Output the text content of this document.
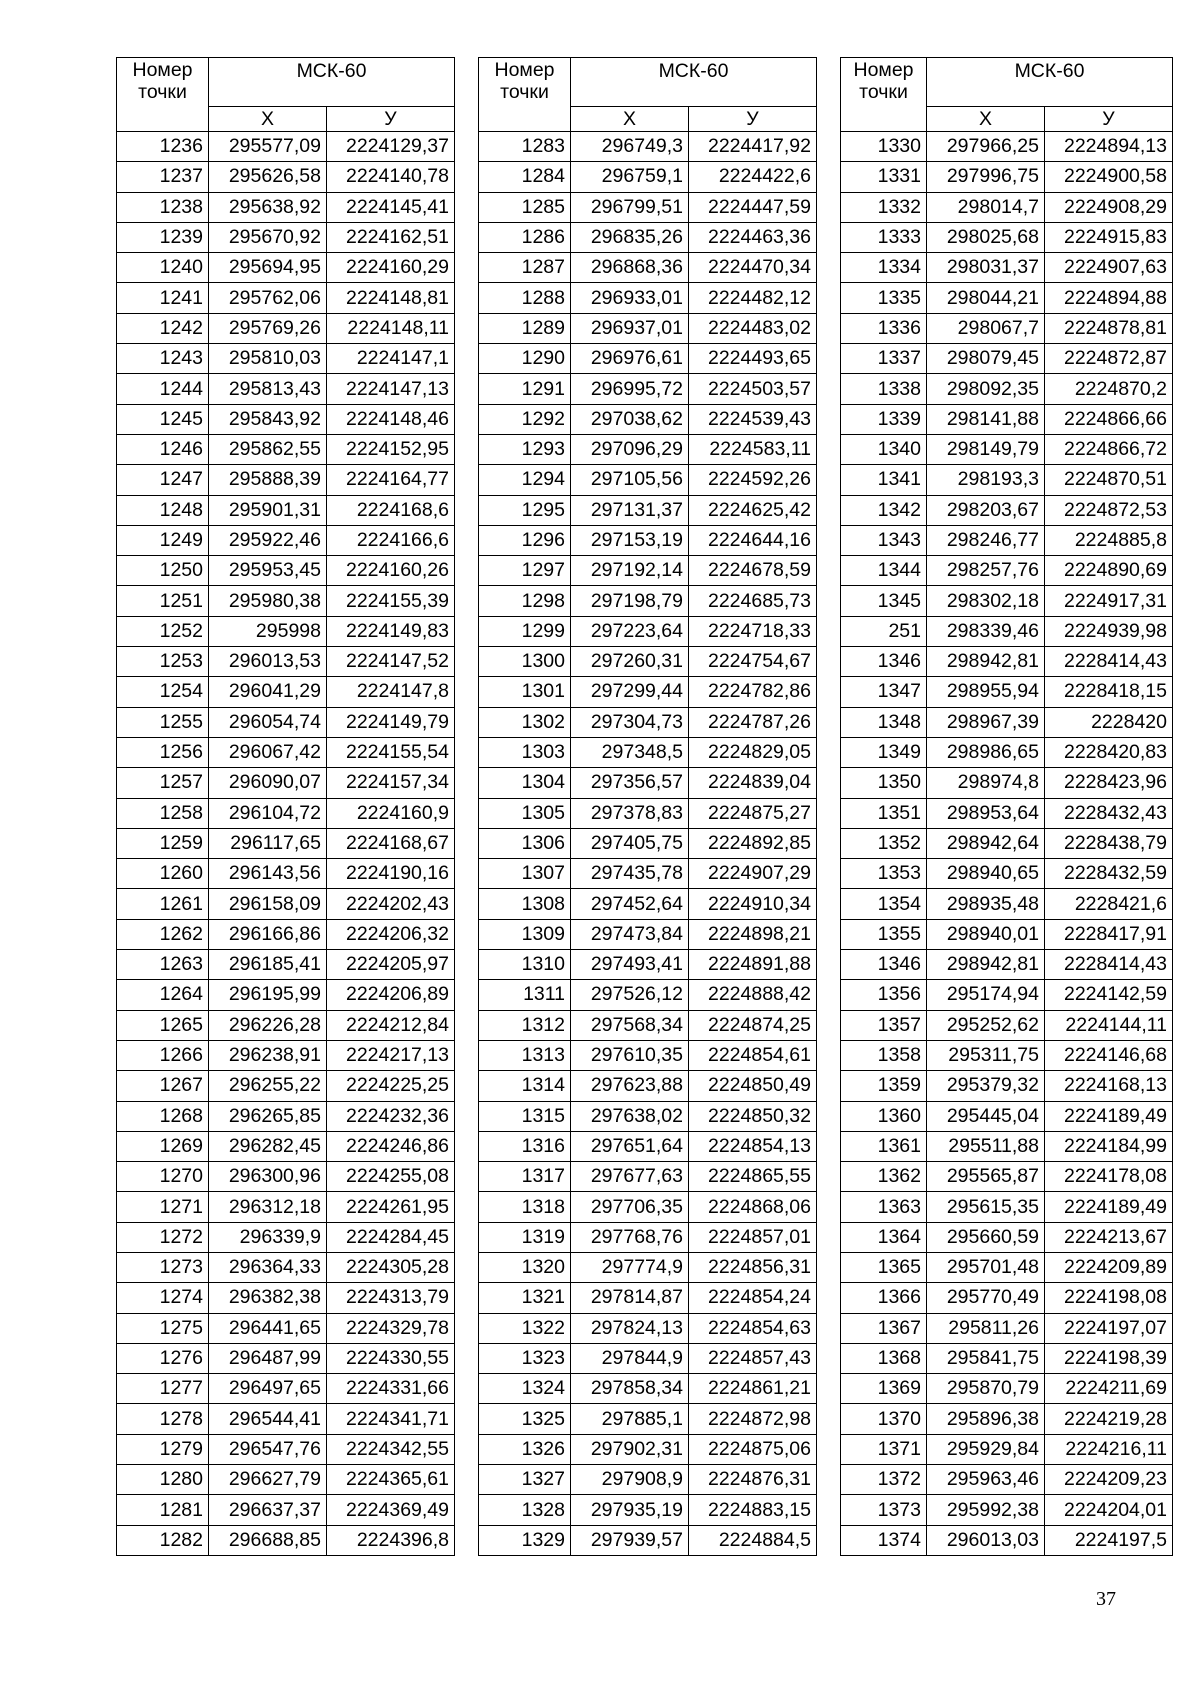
Номер
точки	МСК-60	
	Х	У
1236	295577,09	2224129,37
1237	295626,58	2224140,78
1238	295638,92	2224145,41
1239	295670,92	2224162,51
1240	295694,95	2224160,29
1241	295762,06	2224148,81
1242	295769,26	2224148,11
1243	295810,03	2224147,1
1244	295813,43	2224147,13
1245	295843,92	2224148,46
1246	295862,55	2224152,95
1247	295888,39	2224164,77
1248	295901,31	2224168,6
1249	295922,46	2224166,6
1250	295953,45	2224160,26
1251	295980,38	2224155,39
1252	295998	2224149,83
1253	296013,53	2224147,52
1254	296041,29	2224147,8
1255	296054,74	2224149,79
1256	296067,42	2224155,54
1257	296090,07	2224157,34
1258	296104,72	2224160,9
1259	296117,65	2224168,67
1260	296143,56	2224190,16
1261	296158,09	2224202,43
1262	296166,86	2224206,32
1263	296185,41	2224205,97
1264	296195,99	2224206,89
1265	296226,28	2224212,84
1266	296238,91	2224217,13
1267	296255,22	2224225,25
1268	296265,85	2224232,36
1269	296282,45	2224246,86
1270	296300,96	2224255,08
1271	296312,18	2224261,95
1272	296339,9	2224284,45
1273	296364,33	2224305,28
1274	296382,38	2224313,79
1275	296441,65	2224329,78
1276	296487,99	2224330,55
1277	296497,65	2224331,66
1278	296544,41	2224341,71
1279	296547,76	2224342,55
1280	296627,79	2224365,61
1281	296637,37	2224369,49
1282	296688,85	2224396,8
Номер
точки	МСК-60	
	Х	У
1283	296749,3	2224417,92
1284	296759,1	2224422,6
1285	296799,51	2224447,59
1286	296835,26	2224463,36
1287	296868,36	2224470,34
1288	296933,01	2224482,12
1289	296937,01	2224483,02
1290	296976,61	2224493,65
1291	296995,72	2224503,57
1292	297038,62	2224539,43
1293	297096,29	2224583,11
1294	297105,56	2224592,26
1295	297131,37	2224625,42
1296	297153,19	2224644,16
1297	297192,14	2224678,59
1298	297198,79	2224685,73
1299	297223,64	2224718,33
1300	297260,31	2224754,67
1301	297299,44	2224782,86
1302	297304,73	2224787,26
1303	297348,5	2224829,05
1304	297356,57	2224839,04
1305	297378,83	2224875,27
1306	297405,75	2224892,85
1307	297435,78	2224907,29
1308	297452,64	2224910,34
1309	297473,84	2224898,21
1310	297493,41	2224891,88
1311	297526,12	2224888,42
1312	297568,34	2224874,25
1313	297610,35	2224854,61
1314	297623,88	2224850,49
1315	297638,02	2224850,32
1316	297651,64	2224854,13
1317	297677,63	2224865,55
1318	297706,35	2224868,06
1319	297768,76	2224857,01
1320	297774,9	2224856,31
1321	297814,87	2224854,24
1322	297824,13	2224854,63
1323	297844,9	2224857,43
1324	297858,34	2224861,21
1325	297885,1	2224872,98
1326	297902,31	2224875,06
1327	297908,9	2224876,31
1328	297935,19	2224883,15
1329	297939,57	2224884,5
Номер
точки	МСК-60	
	Х	У
1330	297966,25	2224894,13
1331	297996,75	2224900,58
1332	298014,7	2224908,29
1333	298025,68	2224915,83
1334	298031,37	2224907,63
1335	298044,21	2224894,88
1336	298067,7	2224878,81
1337	298079,45	2224872,87
1338	298092,35	2224870,2
1339	298141,88	2224866,66
1340	298149,79	2224866,72
1341	298193,3	2224870,51
1342	298203,67	2224872,53
1343	298246,77	2224885,8
1344	298257,76	2224890,69
1345	298302,18	2224917,31
251	298339,46	2224939,98
1346	298942,81	2228414,43
1347	298955,94	2228418,15
1348	298967,39	2228420
1349	298986,65	2228420,83
1350	298974,8	2228423,96
1351	298953,64	2228432,43
1352	298942,64	2228438,79
1353	298940,65	2228432,59
1354	298935,48	2228421,6
1355	298940,01	2228417,91
1346	298942,81	2228414,43
1356	295174,94	2224142,59
1357	295252,62	2224144,11
1358	295311,75	2224146,68
1359	295379,32	2224168,13
1360	295445,04	2224189,49
1361	295511,88	2224184,99
1362	295565,87	2224178,08
1363	295615,35	2224189,49
1364	295660,59	2224213,67
1365	295701,48	2224209,89
1366	295770,49	2224198,08
1367	295811,26	2224197,07
1368	295841,75	2224198,39
1369	295870,79	2224211,69
1370	295896,38	2224219,28
1371	295929,84	2224216,11
1372	295963,46	2224209,23
1373	295992,38	2224204,01
1374	296013,03	2224197,5
37
